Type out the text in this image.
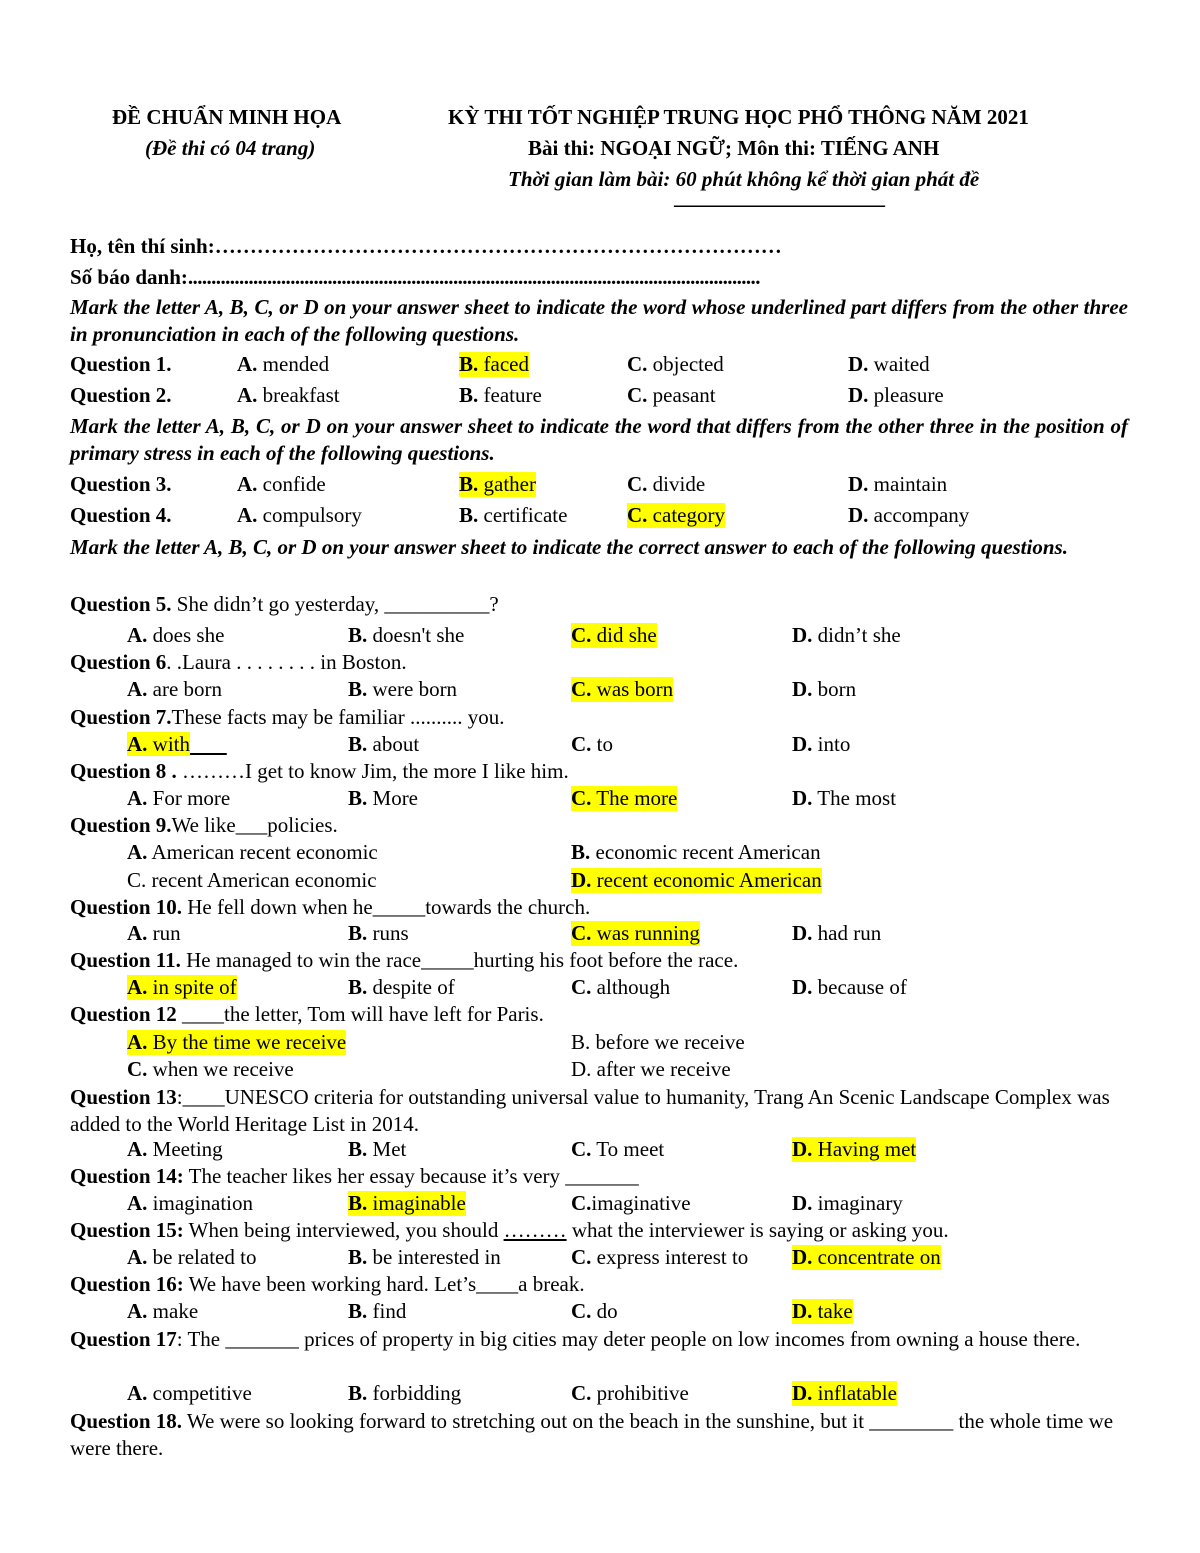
ĐỀ CHUẨN MINH HỌA
(Đề thi có 04 trang)
KỲ THI TỐT NGHIỆP TRUNG HỌC PHỔ THÔNG NĂM 2021
Bài thi: NGOẠI NGỮ; Môn thi: TIẾNG ANH
Thời gian làm bài: 60 phút không kể thời gian phát đề
———————————
Họ, tên thí sinh:………………………………………………………………………
Số báo danh:...........................................................................................................................
Mark the letter A, B, C, or D on your answer sheet to indicate the word whose underlined part differs from the other three in pronunciation in each of the following questions.
Question 1.	A. mended	B. faced	C. objected	D. waited
Question 2.	A. breakfast	B. feature	C. peasant	D. pleasure
Mark the letter A, B, C, or D on your answer sheet to indicate the word that differs from the other three in the position of primary stress in each of the following questions.
Question 3.	A. confide	B. gather	C. divide	D. maintain
Question 4.	A. compulsory	B. certificate	C. category	D. accompany
Mark the letter A, B, C, or D on your answer sheet to indicate the correct answer to each of the following questions.
Question 5. She didn’t go yesterday, __________?
A. does she	B. doesn't she	C. did she	D. didn’t she
Question 6. .Laura . . . . . . . . in Boston.
A. are born	B. were born	C. was born	D. born
Question 7.These facts may be familiar .......... you.
A. with	B. about	C. to	D. into
Question 8 . ………I get to know Jim, the more I like him.
A. For more	B. More	C. The more	D. The most
Question 9.We like___policies.
A. American recent economic	B. economic recent American
C. recent American economic	D. recent economic American
Question 10. He fell down when he_____towards the church.
A. run	B. runs	C. was running	D. had run
Question 11. He managed to win the race_____hurting his foot before the race.
A. in spite of	B. despite of	C. although	D. because of
Question 12 ____the letter, Tom will have left for Paris.
A. By the time we receive	B. before we receive
C. when we receive	D. after we receive
Question 13:____UNESCO criteria for outstanding universal value to humanity, Trang An Scenic Landscape Complex was added to the World Heritage List in 2014.
A. Meeting	B. Met	C. To meet	D. Having met
Question 14: The teacher likes her essay because it’s very _______
A. imagination	B. imaginable	C.imaginative	D. imaginary
Question 15: When being interviewed, you should ……… what the interviewer is saying or asking you.
A. be related to	B. be interested in	C. express interest to D. concentrate on
Question 16: We have been working hard. Let’s____a break.
A. make	B. find	C. do	D. take
Question 17: The _______ prices of property in big cities may deter people on low incomes from owning a house there.
A. competitive	B. forbidding	C. prohibitive	D. inflatable
Question 18. We were so looking forward to stretching out on the beach in the sunshine, but it ________ the whole time we were there.
